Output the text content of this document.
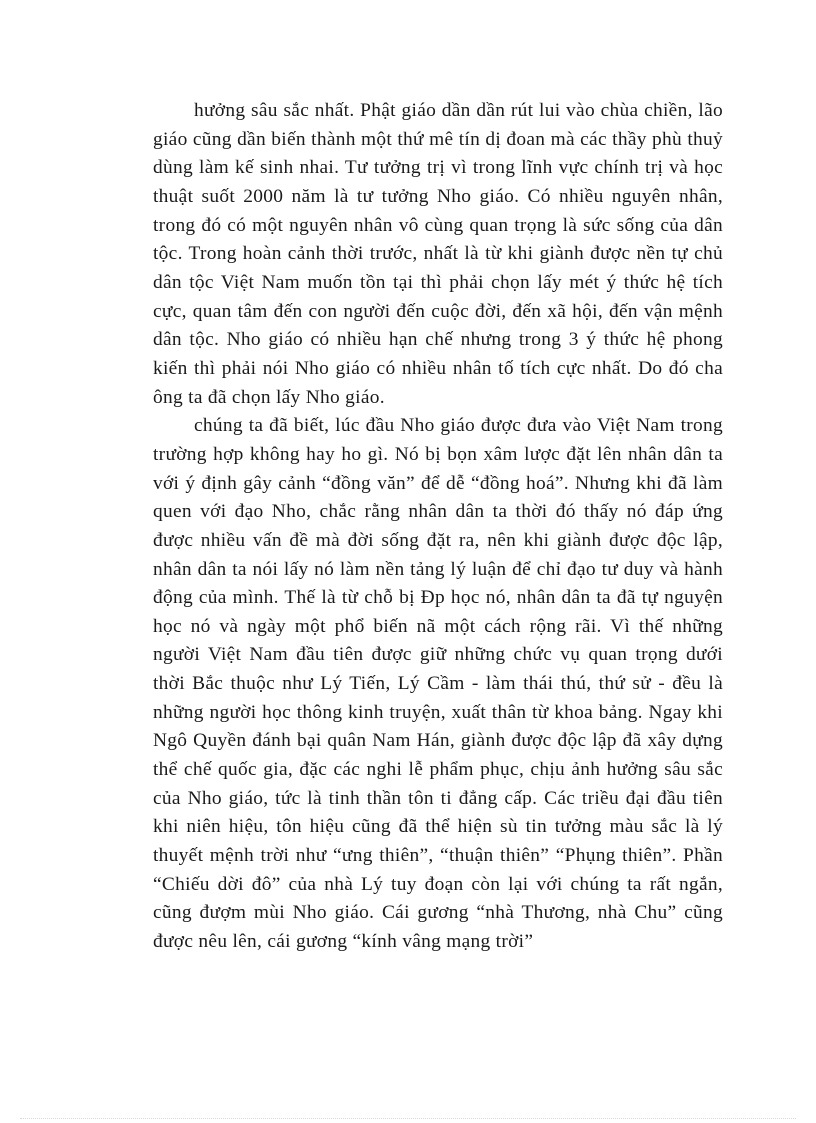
hưởng sâu sắc nhất. Phật giáo dần dần rút lui vào chùa chiền, lão giáo cũng dần biến thành một thứ mê tín dị đoan mà các thầy phù thuỷ dùng làm kế sinh nhai. Tư tưởng trị vì trong lĩnh vực chính trị và học thuật suốt 2000 năm là tư tưởng Nho giáo. Có nhiều nguyên nhân, trong đó có một nguyên nhân vô cùng quan trọng là sức sống của dân tộc. Trong hoàn cảnh thời trước, nhất là từ khi giành được nền tự chủ dân tộc Việt Nam muốn tồn tại thì phải chọn lấy mét ý thức hệ tích cực, quan tâm đến con người đến cuộc đời, đến xã hội, đến vận mệnh dân tộc. Nho giáo có nhiều hạn chế nhưng trong 3 ý thức hệ phong kiến thì phải nói Nho giáo có nhiều nhân tố tích cực nhất. Do đó cha ông ta đã chọn lấy Nho giáo.

chúng ta đã biết, lúc đầu Nho giáo được đưa vào Việt Nam trong trường hợp không hay ho gì. Nó bị bọn xâm lược đặt lên nhân dân ta với ý định gây cảnh “đồng văn” để dễ “đồng hoá”. Nhưng khi đã làm quen với đạo Nho, chắc rằng nhân dân ta thời đó thấy nó đáp ứng được nhiều vấn đề mà đời sống đặt ra, nên khi giành được độc lập, nhân dân ta nói lấy nó làm nền tảng lý luận để chỉ đạo tư duy và hành động của mình. Thế là từ chỗ bị Đp học nó, nhân dân ta đã tự nguyện học nó và ngày một phổ biến nã một cách rộng rãi. Vì thế những người Việt Nam đầu tiên được giữ những chức vụ quan trọng dưới thời Bắc thuộc như Lý Tiến, Lý Cầm - làm thái thú, thứ sử - đều là những người học thông kinh truyện, xuất thân từ khoa bảng. Ngay khi Ngô Quyền đánh bại quân Nam Hán, giành được độc lập đã xây dựng thể chế quốc gia, đặc các nghi lễ phẩm phục, chịu ảnh hưởng sâu sắc của Nho giáo, tức là tinh thần tôn ti đẳng cấp. Các triều đại đầu tiên khi niên hiệu, tôn hiệu cũng đã thể hiện sù tin tưởng màu sắc là lý thuyết mệnh trời như “ưng thiên”, “thuận thiên” “Phụng thiên”. Phần “Chiếu dời đô” của nhà Lý tuy đoạn còn lại với chúng ta rất ngắn, cũng đượm mùi Nho giáo. Cái gương “nhà Thương, nhà Chu” cũng được nêu lên, cái gương “kính vâng mạng trời”
